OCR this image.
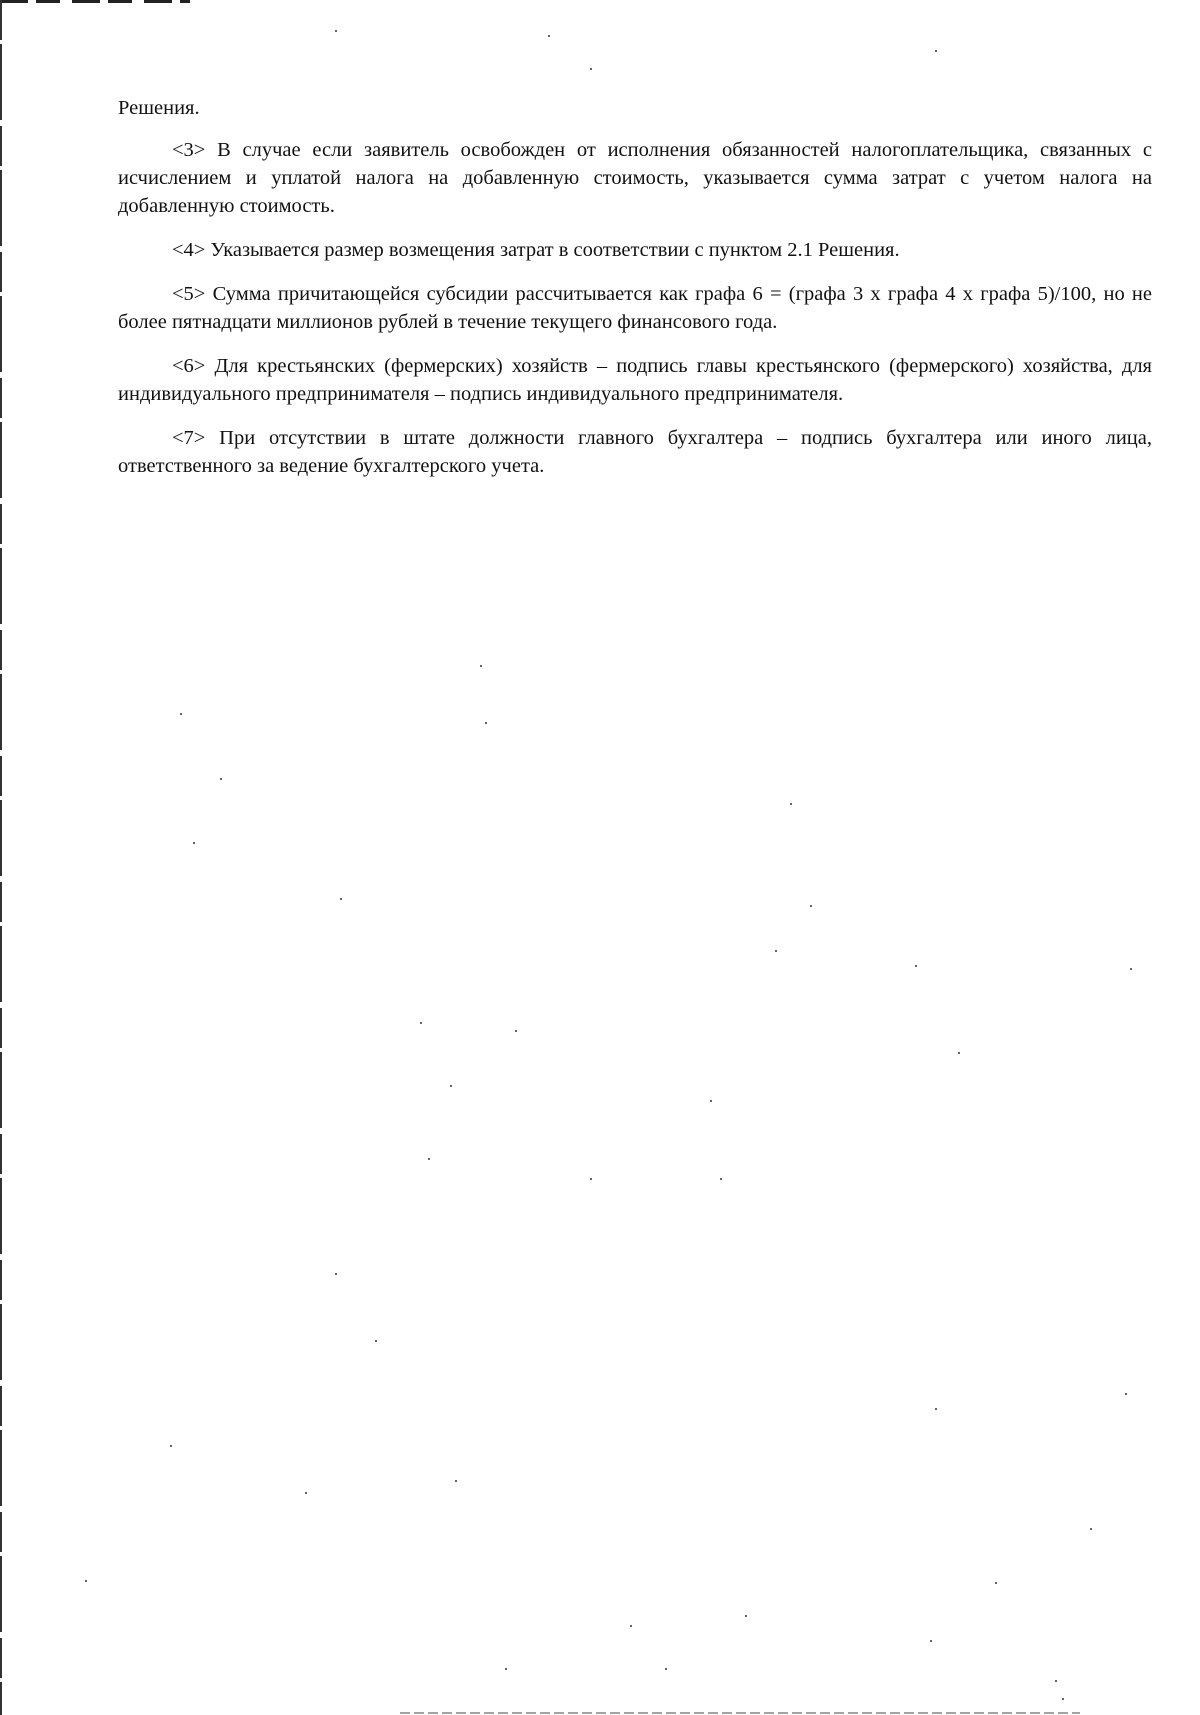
Решения.

<3> В случае если заявитель освобожден от исполнения обязанностей налогоплательщика, связанных с исчислением и уплатой налога на добавленную стоимость, указывается сумма затрат с учетом налога на добавленную стоимость.

<4> Указывается размер возмещения затрат в соответствии с пунктом 2.1 Решения.

<5> Сумма причитающейся субсидии рассчитывается как графа 6 = (графа 3 х графа 4 х графа 5)/100, но не более пятнадцати миллионов рублей в течение текущего финансового года.

<6> Для крестьянских (фермерских) хозяйств – подпись главы крестьянского (фермерского) хозяйства, для индивидуального предпринимателя – подпись индивидуального предпринимателя.

<7> При отсутствии в штате должности главного бухгалтера – подпись бухгалтера или иного лица, ответственного за ведение бухгалтерского учета.
